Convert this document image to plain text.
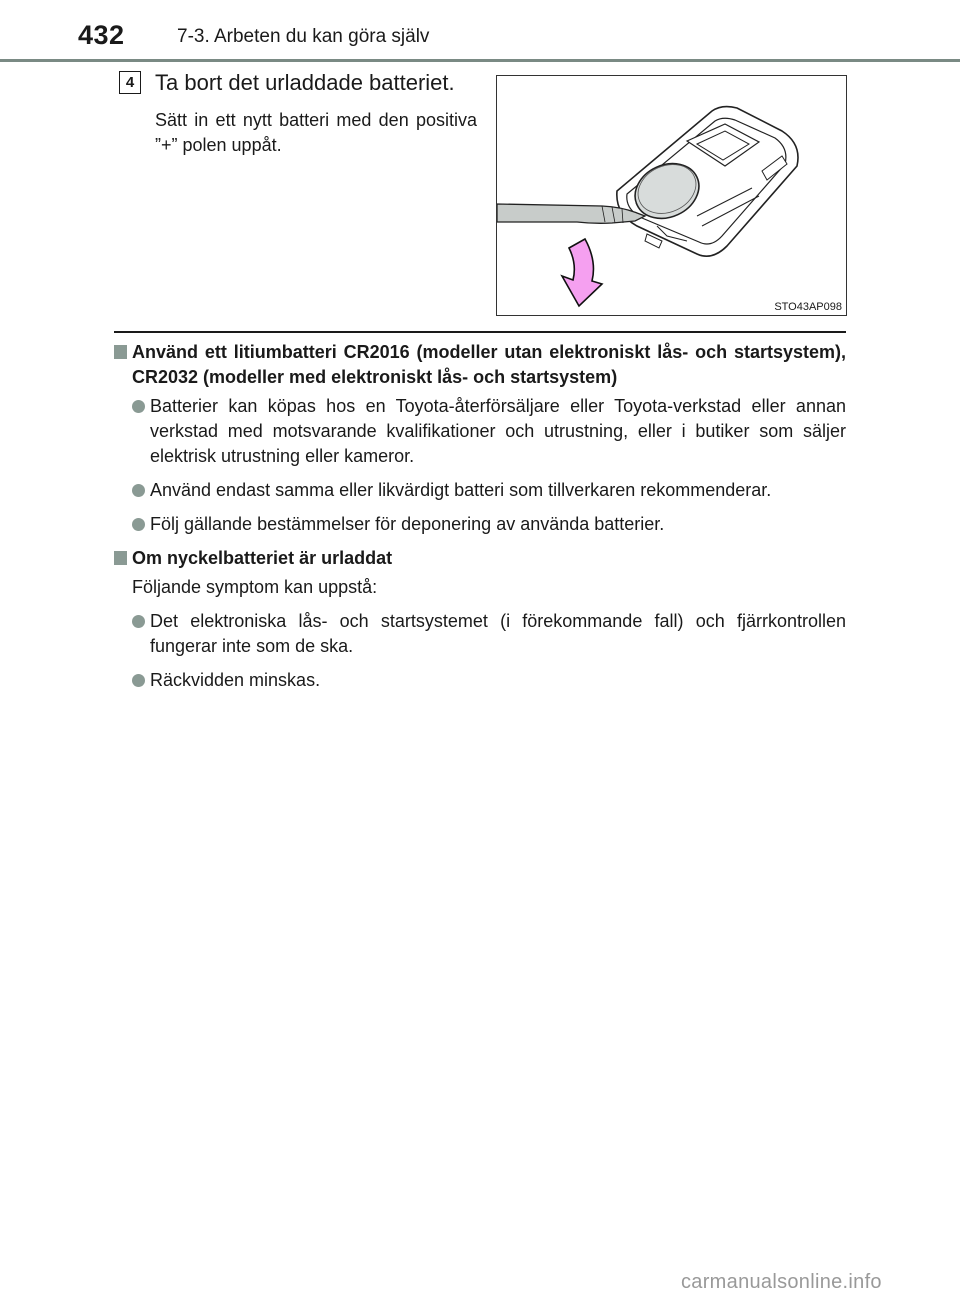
432	7-3. Arbeten du kan göra själv
4 Ta bort det urladdade batteriet.
Sätt in ett nytt batteri med den positiva ”+” polen uppåt.
STO43AP098
Använd ett litiumbatteri CR2016 (modeller utan elektroniskt lås- och startsystem), CR2032 (modeller med elektroniskt lås- och startsystem)
Batterier kan köpas hos en Toyota-återförsäljare eller Toyota-verkstad eller annan verkstad med motsvarande kvalifikationer och utrustning, eller i butiker som säljer elektrisk utrustning eller kameror.
Använd endast samma eller likvärdigt batteri som tillverkaren rekommenderar.
Följ gällande bestämmelser för deponering av använda batterier.
Om nyckelbatteriet är urladdat
Följande symptom kan uppstå:
Det elektroniska lås- och startsystemet (i förekommande fall) och fjärrkontrollen fungerar inte som de ska.
Räckvidden minskas.
carmanualsonline.info
